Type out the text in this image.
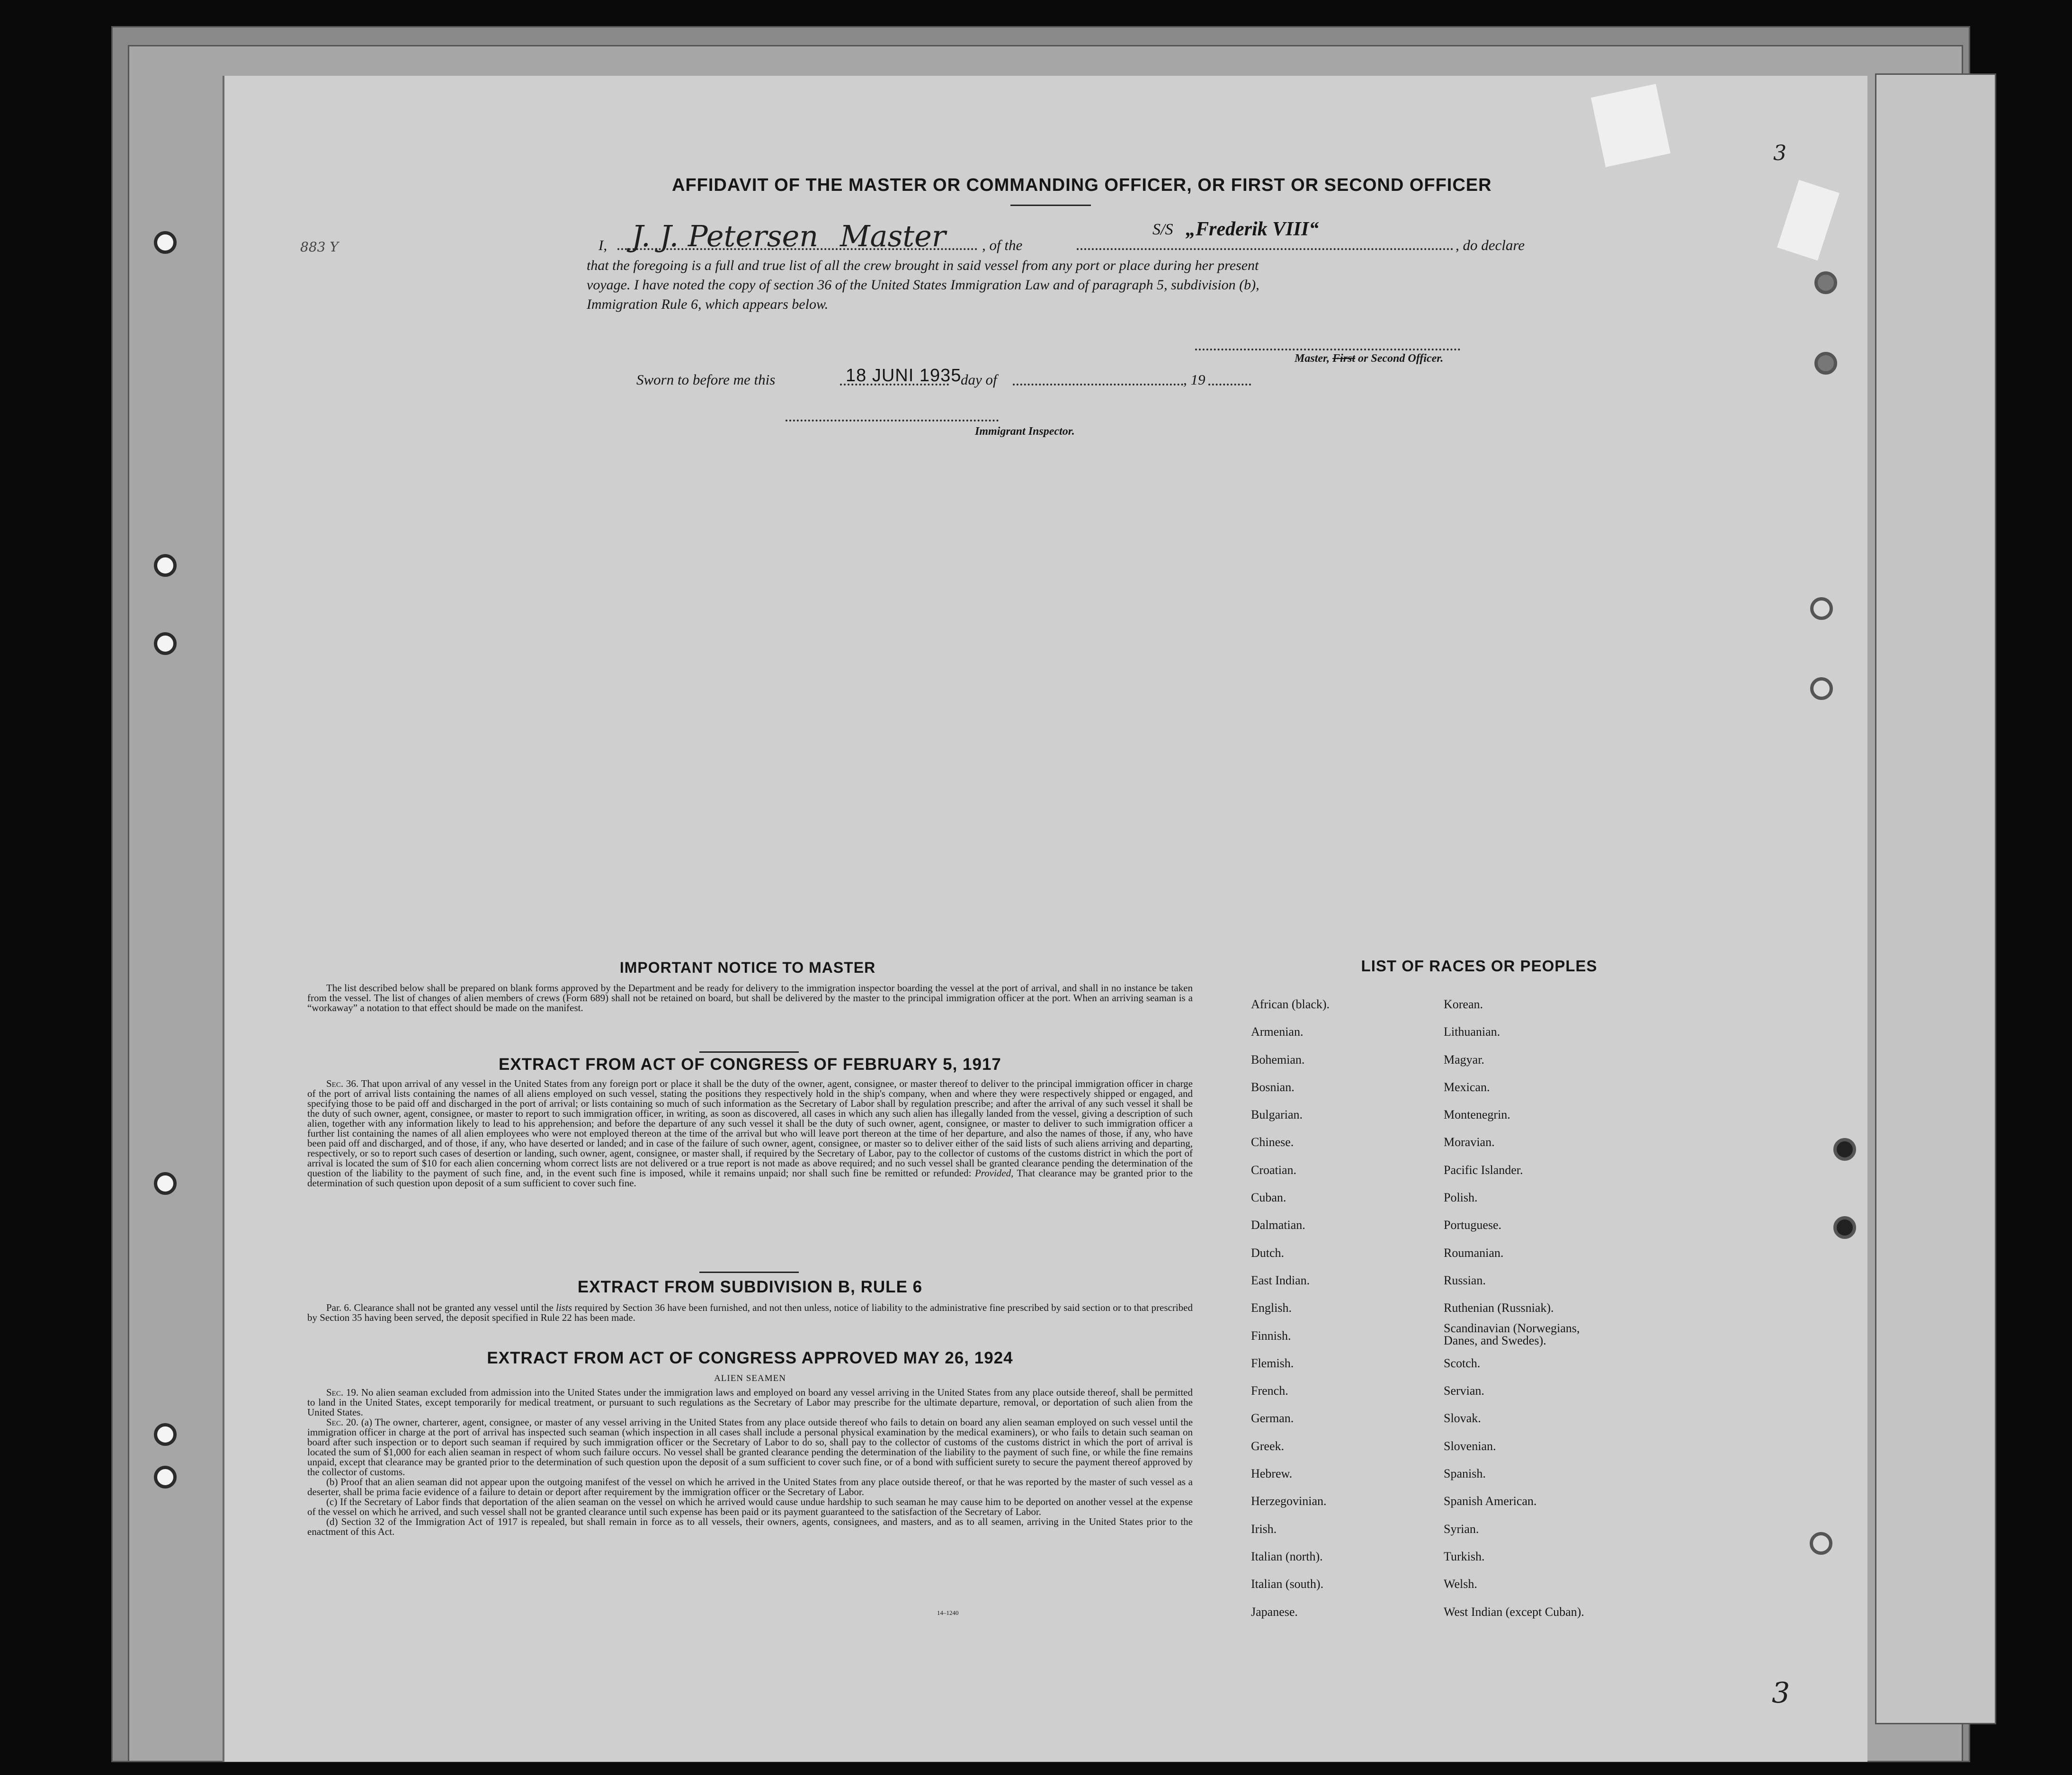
3
3
883 Y
AFFIDAVIT OF THE MASTER OR COMMANDING OFFICER, OR FIRST OR SECOND OFFICER
I, J. J. Petersen Master , of the
S/S „Frederik VIII“
, do declare
that the foregoing is a full and true list of all the crew brought in said vessel from any port or place during her present
voyage. I have noted the copy of section 36 of the United States Immigration Law and of paragraph 5, subdivision (b),
Immigration Rule 6, which appears below.
Master, First or Second Officer.
Sworn to before me this	18 JUNI 1935
day of	, 19
Immigrant Inspector.
IMPORTANT NOTICE TO MASTER
The list described below shall be prepared on blank forms approved by the Department and be ready for delivery to the immigration inspector boarding the vessel at the port of arrival, and shall in no instance be taken from the vessel. The list of changes of alien members of crews (Form 689) shall not be retained on board, but shall be delivered by the master to the principal immigration officer at the port. When an arriving seaman is a “workaway” a notation to that effect should be made on the manifest.
EXTRACT FROM ACT OF CONGRESS OF FEBRUARY 5, 1917
Sec. 36. That upon arrival of any vessel in the United States from any foreign port or place it shall be the duty of the owner, agent, consignee, or master thereof to deliver to the principal immigration officer in charge of the port of arrival lists containing the names of all aliens employed on such vessel, stating the positions they respectively hold in the ship's company, when and where they were respectively shipped or engaged, and specifying those to be paid off and discharged in the port of arrival; or lists containing so much of such information as the Secretary of Labor shall by regulation prescribe; and after the arrival of any such vessel it shall be the duty of such owner, agent, consignee, or master to report to such immigration officer, in writing, as soon as discovered, all cases in which any such alien has illegally landed from the vessel, giving a description of such alien, together with any information likely to lead to his apprehension; and before the departure of any such vessel it shall be the duty of such owner, agent, consignee, or master to deliver to such immigration officer a further list containing the names of all alien employees who were not employed thereon at the time of the arrival but who will leave port thereon at the time of her departure, and also the names of those, if any, who have been paid off and discharged, and of those, if any, who have deserted or landed; and in case of the failure of such owner, agent, consignee, or master so to deliver either of the said lists of such aliens arriving and departing, respectively, or so to report such cases of desertion or landing, such owner, agent, consignee, or master shall, if required by the Secretary of Labor, pay to the collector of customs of the customs district in which the port of arrival is located the sum of $10 for each alien concerning whom correct lists are not delivered or a true report is not made as above required; and no such vessel shall be granted clearance pending the determination of the question of the liability to the payment of such fine, and, in the event such fine is imposed, while it remains unpaid; nor shall such fine be remitted or refunded: Provided, That clearance may be granted prior to the determination of such question upon deposit of a sum sufficient to cover such fine.
EXTRACT FROM SUBDIVISION B, RULE 6
Par. 6. Clearance shall not be granted any vessel until the lists required by Section 36 have been furnished, and not then unless, notice of liability to the administrative fine prescribed by said section or to that prescribed by Section 35 having been served, the deposit specified in Rule 22 has been made.
EXTRACT FROM ACT OF CONGRESS APPROVED MAY 26, 1924
ALIEN SEAMEN
Sec. 19. No alien seaman excluded from admission into the United States under the immigration laws and employed on board any vessel arriving in the United States from any place outside thereof, shall be permitted to land in the United States, except temporarily for medical treatment, or pursuant to such regulations as the Secretary of Labor may prescribe for the ultimate departure, removal, or deportation of such alien from the United States.
Sec. 20. (a) The owner, charterer, agent, consignee, or master of any vessel arriving in the United States from any place outside thereof who fails to detain on board any alien seaman employed on such vessel until the immigration officer in charge at the port of arrival has inspected such seaman (which inspection in all cases shall include a personal physical examination by the medical examiners), or who fails to detain such seaman on board after such inspection or to deport such seaman if required by such immigration officer or the Secretary of Labor to do so, shall pay to the collector of customs of the customs district in which the port of arrival is located the sum of $1,000 for each alien seaman in respect of whom such failure occurs. No vessel shall be granted clearance pending the determination of the liability to the payment of such fine, or while the fine remains unpaid, except that clearance may be granted prior to the determination of such question upon the deposit of a sum sufficient to cover such fine, or of a bond with sufficient surety to secure the payment thereof approved by the collector of customs.
(b) Proof that an alien seaman did not appear upon the outgoing manifest of the vessel on which he arrived in the United States from any place outside thereof, or that he was reported by the master of such vessel as a deserter, shall be prima facie evidence of a failure to detain or deport after requirement by the immigration officer or the Secretary of Labor.
(c) If the Secretary of Labor finds that deportation of the alien seaman on the vessel on which he arrived would cause undue hardship to such seaman he may cause him to be deported on another vessel at the expense of the vessel on which he arrived, and such vessel shall not be granted clearance until such expense has been paid or its payment guaranteed to the satisfaction of the Secretary of Labor.
(d) Section 32 of the Immigration Act of 1917 is repealed, but shall remain in force as to all vessels, their owners, agents, consignees, and masters, and as to all seamen, arriving in the United States prior to the enactment of this Act.
14–1240
LIST OF RACES OR PEOPLES
African (black).
Armenian.
Bohemian.
Bosnian.
Bulgarian.
Chinese.
Croatian.
Cuban.
Dalmatian.
Dutch.
East Indian.
English.
Finnish.
Flemish.
French.
German.
Greek.
Hebrew.
Herzegovinian.
Irish.
Italian (north).
Italian (south).
Japanese.
Korean.
Lithuanian.
Magyar.
Mexican.
Montenegrin.
Moravian.
Pacific Islander.
Polish.
Portuguese.
Roumanian.
Russian.
Ruthenian (Russniak).
Scandinavian (Norwegians, Danes, and Swedes).
Scotch.
Servian.
Slovak.
Slovenian.
Spanish.
Spanish American.
Syrian.
Turkish.
Welsh.
West Indian (except Cuban).
